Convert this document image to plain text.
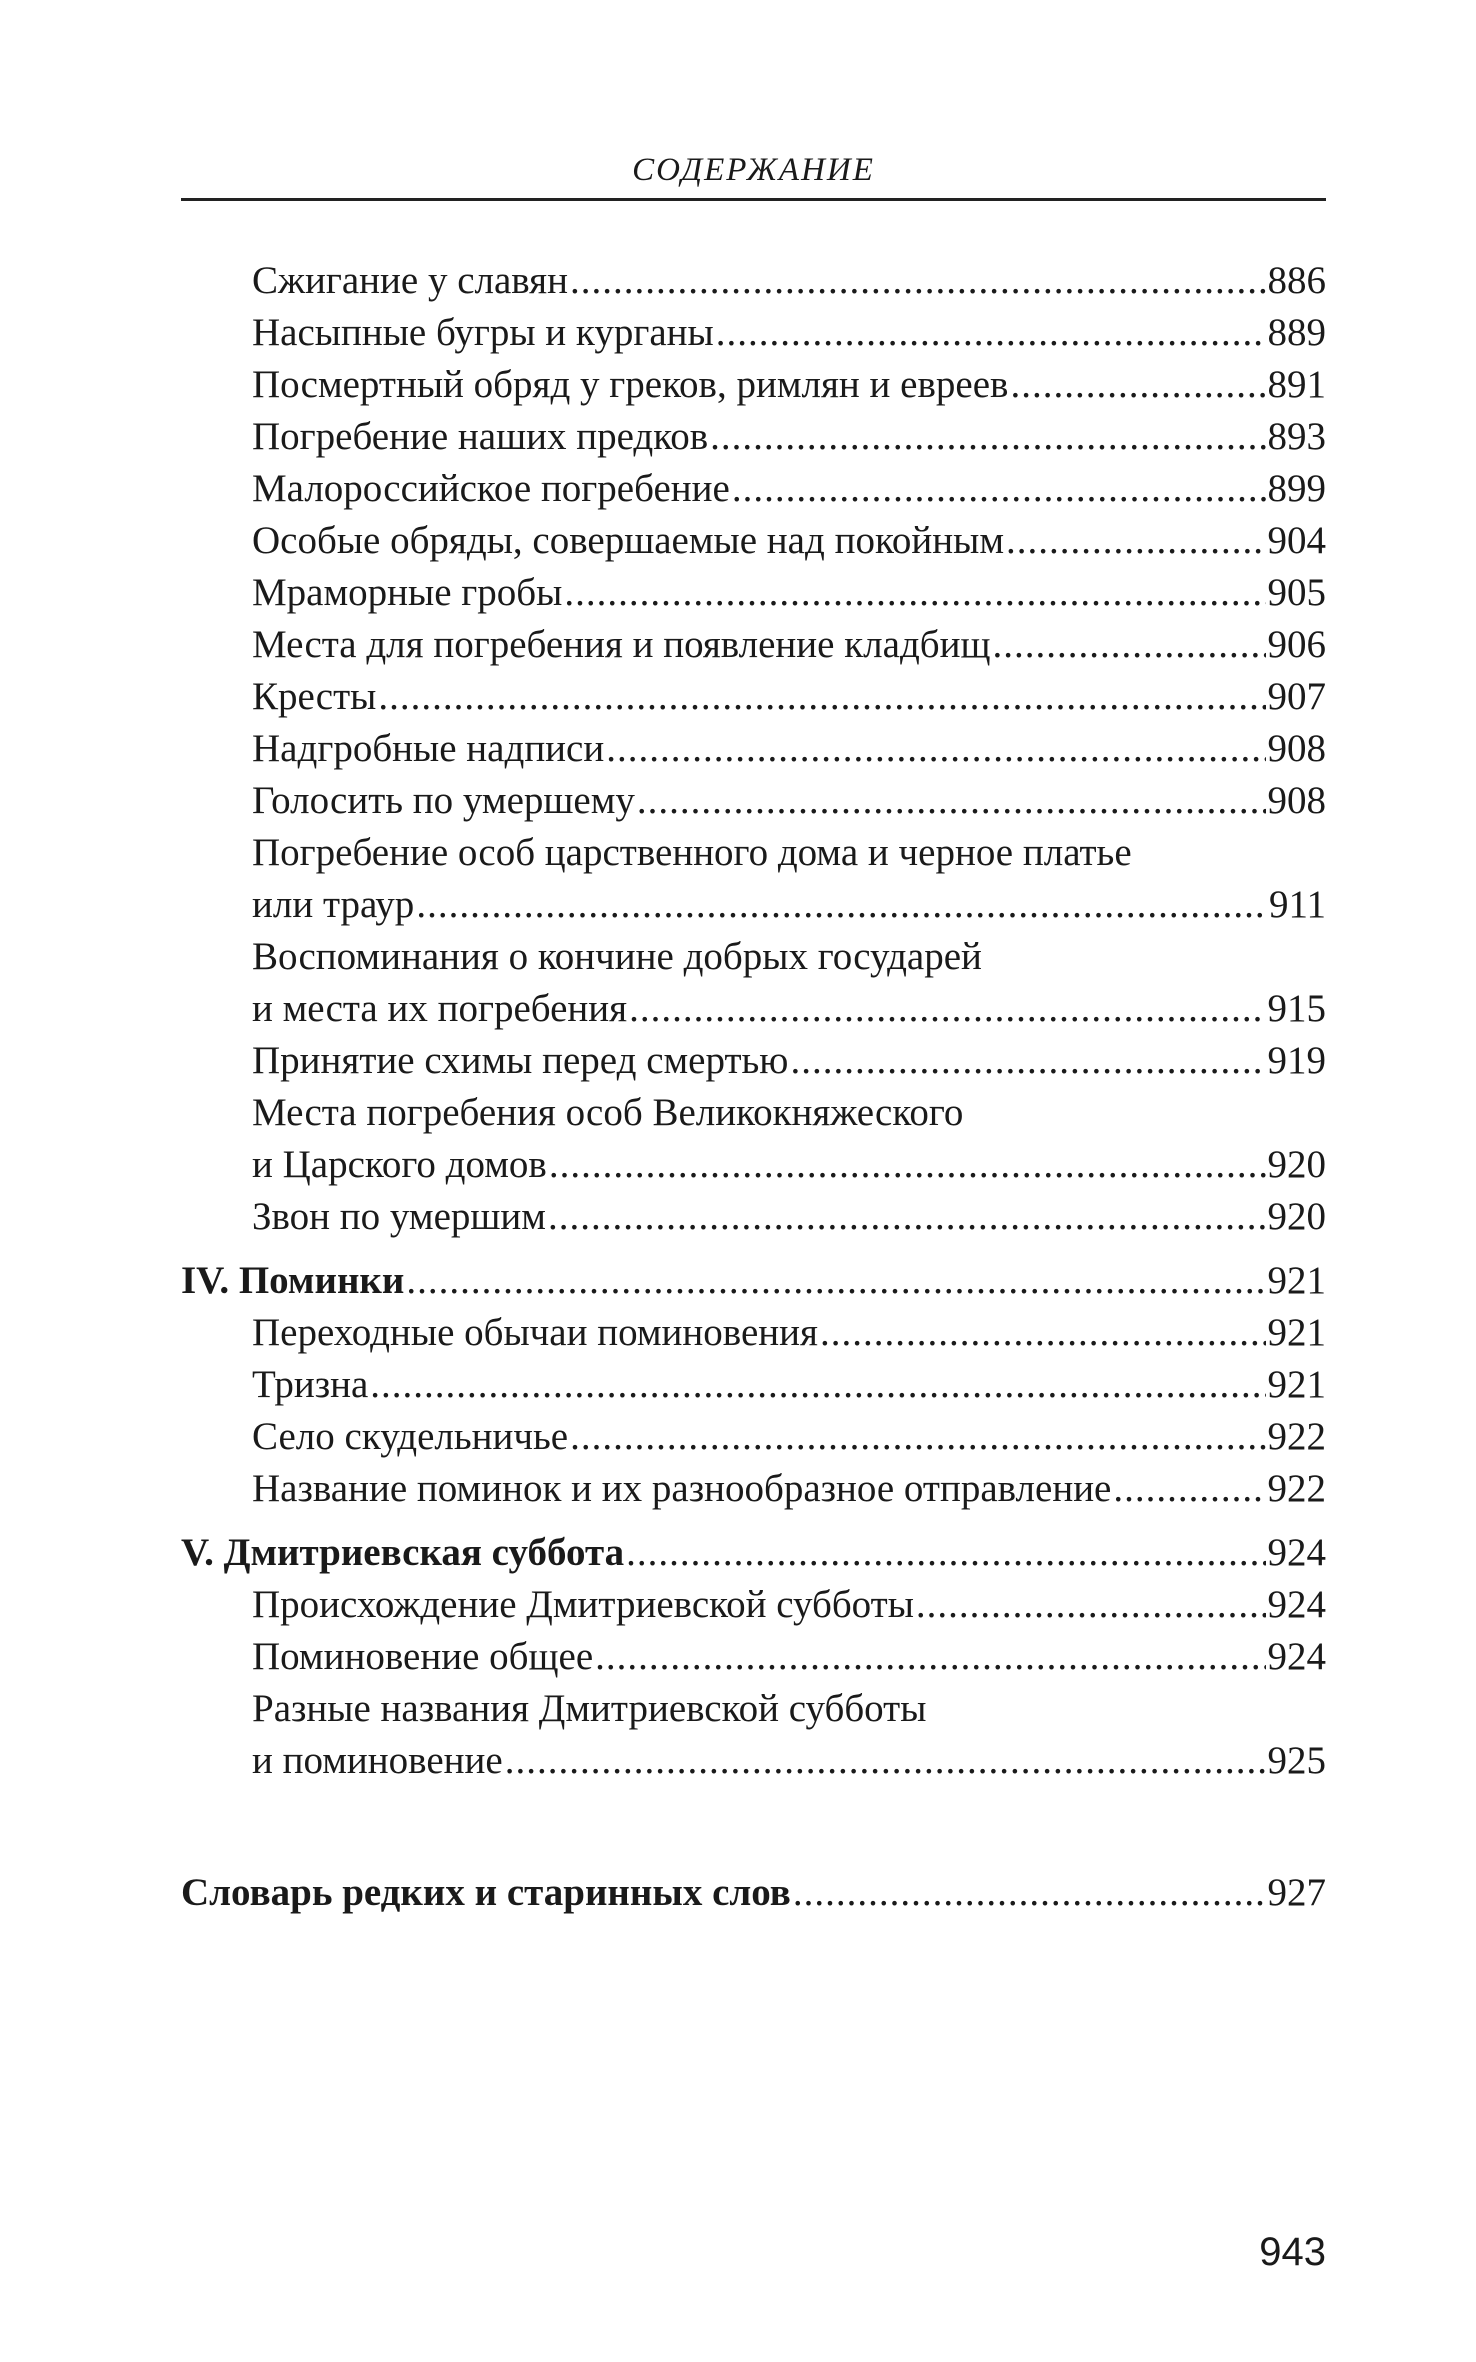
СОДЕРЖАНИЕ
Сжигание у славян .....	886
Насыпные бугры и курганы .....	889
Посмертный обряд у греков, римлян и евреев .....	891
Погребение наших предков .....	893
Малороссийское погребение .....	899
Особые обряды, совершаемые над покойным .....	904
Мраморные гробы .....	905
Места для погребения и появление кладбищ .....	906
Кресты .....	907
Надгробные надписи .....	908
Голосить по умершему .....	908
Погребение особ царственного дома и черное платье
или траур .....	911
Воспоминания о кончине добрых государей
и места их погребения .....	915
Принятие схимы перед смертью .....	919
Места погребения особ Великокняжеского
и Царского домов .....	920
Звон по умершим .....	920
IV. Поминки .....	921
Переходные обычаи поминовения .....	921
Тризна .....	921
Село скудельничье .....	922
Название поминок и их разнообразное отправление .....	922
V. Дмитриевская суббота .....	924
Происхождение Дмитриевской субботы .....	924
Поминовение общее .....	924
Разные названия Дмитриевской субботы
и поминовение .....	925
Словарь редких и старинных слов .....	927
943
